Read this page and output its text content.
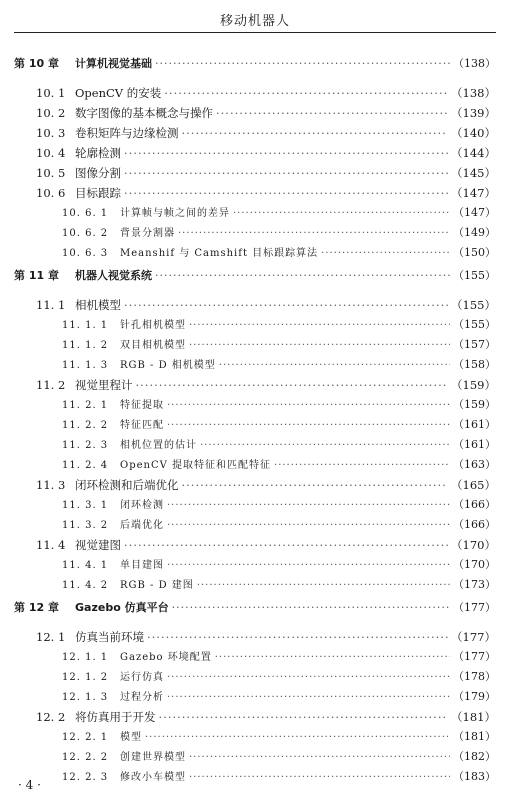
移动机器人
第 10 章	计算机视觉基础 ·····	（138）
10. 1 OpenCV 的安装 ·····	（138）
10. 2 数字图像的基本概念与操作 ·····	（139）
10. 3 卷积矩阵与边缘检测 ·····	（140）
10. 4 轮廓检测 ·····	（144）
10. 5 图像分割 ·····	（145）
10. 6 目标跟踪 ·····	（147）
10. 6. 1	计算帧与帧之间的差异 ·····	（147）
10. 6. 2	背景分割器 ·····	（149）
10. 6. 3	Meanshif 与 Camshift 目标跟踪算法 ·····	（150）
第 11 章	机器人视觉系统 ·····	（155）
11. 1 相机模型 ·····	（155）
11. 1. 1	针孔相机模型 ·····	（155）
11. 1. 2	双目相机模型 ·····	（157）
11. 1. 3	RGB - D 相机模型 ·····	（158）
11. 2 视觉里程计 ·····	（159）
11. 2. 1	特征提取 ·····	（159）
11. 2. 2	特征匹配 ·····	（161）
11. 2. 3	相机位置的估计 ·····	（161）
11. 2. 4	OpenCV 提取特征和匹配特征 ·····	（163）
11. 3 闭环检测和后端优化 ·····	（165）
11. 3. 1	闭环检测 ·····	（166）
11. 3. 2	后端优化 ·····	（166）
11. 4 视觉建图 ·····	（170）
11. 4. 1	单目建图 ·····	（170）
11. 4. 2	RGB - D 建图 ·····	（173）
第 12 章	Gazebo 仿真平台 ·····	（177）
12. 1 仿真当前环境 ·····	（177）
12. 1. 1	Gazebo 环境配置 ·····	（177）
12. 1. 2	运行仿真 ·····	（178）
12. 1. 3	过程分析 ·····	（179）
12. 2 将仿真用于开发 ·····	（181）
12. 2. 1	模型 ·····	（181）
12. 2. 2	创建世界模型 ·····	（182）
12. 2. 3	修改小车模型 ·····	（183）
· 4 ·
